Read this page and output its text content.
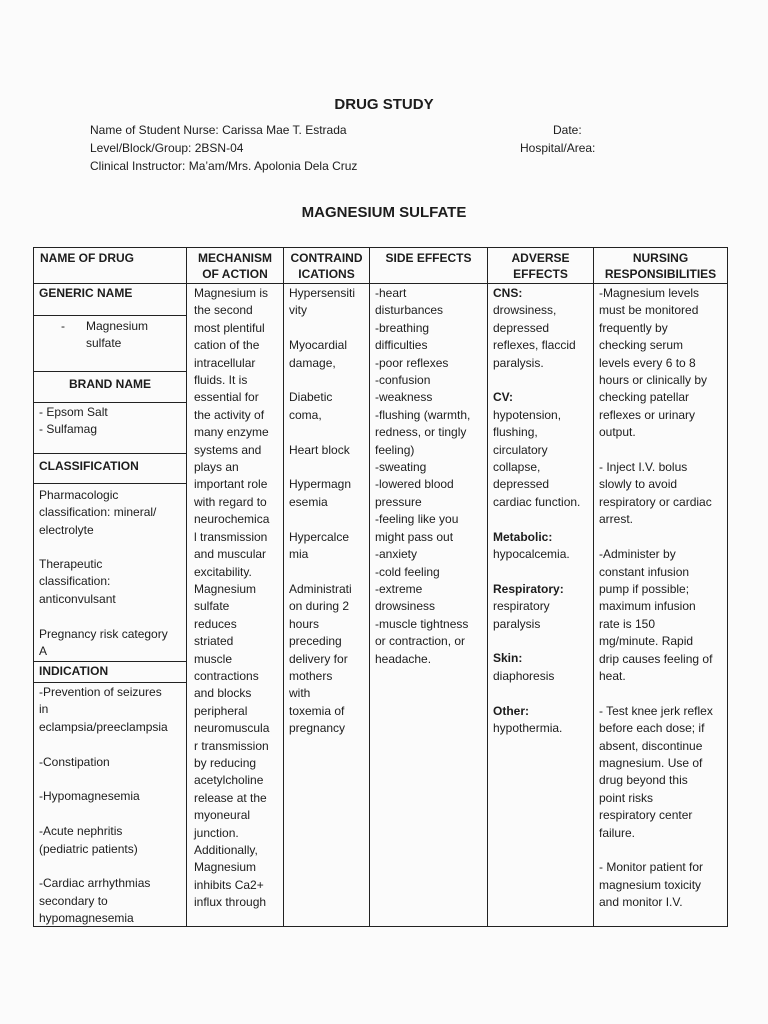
DRUG STUDY
Name of Student Nurse: Carissa Mae T. Estrada
Level/Block/Group: 2BSN-04
Clinical Instructor: Ma’am/Mrs. Apolonia Dela Cruz
Date:
Hospital/Area:
MAGNESIUM SULFATE
NAME OF DRUG
GENERIC NAME
- Magnesium
sulfate
BRAND NAME
- Epsom Salt
- Sulfamag
CLASSIFICATION
Pharmacologic
classification: mineral/
electrolyte
Therapeutic
classification:
anticonvulsant
Pregnancy risk category
A
INDICATION
-Prevention of seizures
in
eclampsia/preeclampsia

-Constipation

-Hypomagnesemia

-Acute nephritis
(pediatric patients)

-Cardiac arrhythmias
secondary to
hypomagnesemia
MECHANISM
OF ACTION
Magnesium is
the second
most plentiful
cation of the
intracellular
fluids. It is
essential for
the activity of
many enzyme
systems and
plays an
important role
with regard to
neurochemica
l transmission
and muscular
excitability.
Magnesium
sulfate
reduces
striated
muscle
contractions
and blocks
peripheral
neuromuscula
r transmission
by reducing
acetylcholine
release at the
myoneural
junction.
Additionally,
Magnesium
inhibits Ca2+
influx through
CONTRAIND
ICATIONS
Hypersensiti
vity

Myocardial
damage,

Diabetic
coma,

Heart block

Hypermagn
esemia

Hypercalce
mia

Administrati
on during 2
hours
preceding
delivery for
mothers
with
toxemia of
pregnancy
SIDE EFFECTS
-heart
disturbances
-breathing
difficulties
-poor reflexes
-confusion
-weakness
-flushing (warmth,
redness, or tingly
feeling)
-sweating
-lowered blood
pressure
-feeling like you
might pass out
-anxiety
-cold feeling
-extreme
drowsiness
-muscle tightness
or contraction, or
headache.
ADVERSE
EFFECTS
CNS:
drowsiness,
depressed
reflexes, flaccid
paralysis.
CV:
hypotension,
flushing,
circulatory
collapse,
depressed
cardiac function.
Metabolic:
hypocalcemia.
Respiratory:
respiratory
paralysis
Skin:
diaphoresis
Other:
hypothermia.
NURSING
RESPONSIBILITIES
-Magnesium levels
must be monitored
frequently by
checking serum
levels every 6 to 8
hours or clinically by
checking patellar
reflexes or urinary
output.

- Inject I.V. bolus
slowly to avoid
respiratory or cardiac
arrest.

-Administer by
constant infusion
pump if possible;
maximum infusion
rate is 150
mg/minute. Rapid
drip causes feeling of
heat.

- Test knee jerk reflex
before each dose; if
absent, discontinue
magnesium. Use of
drug beyond this
point risks
respiratory center
failure.

- Monitor patient for
magnesium toxicity
and monitor I.V.
